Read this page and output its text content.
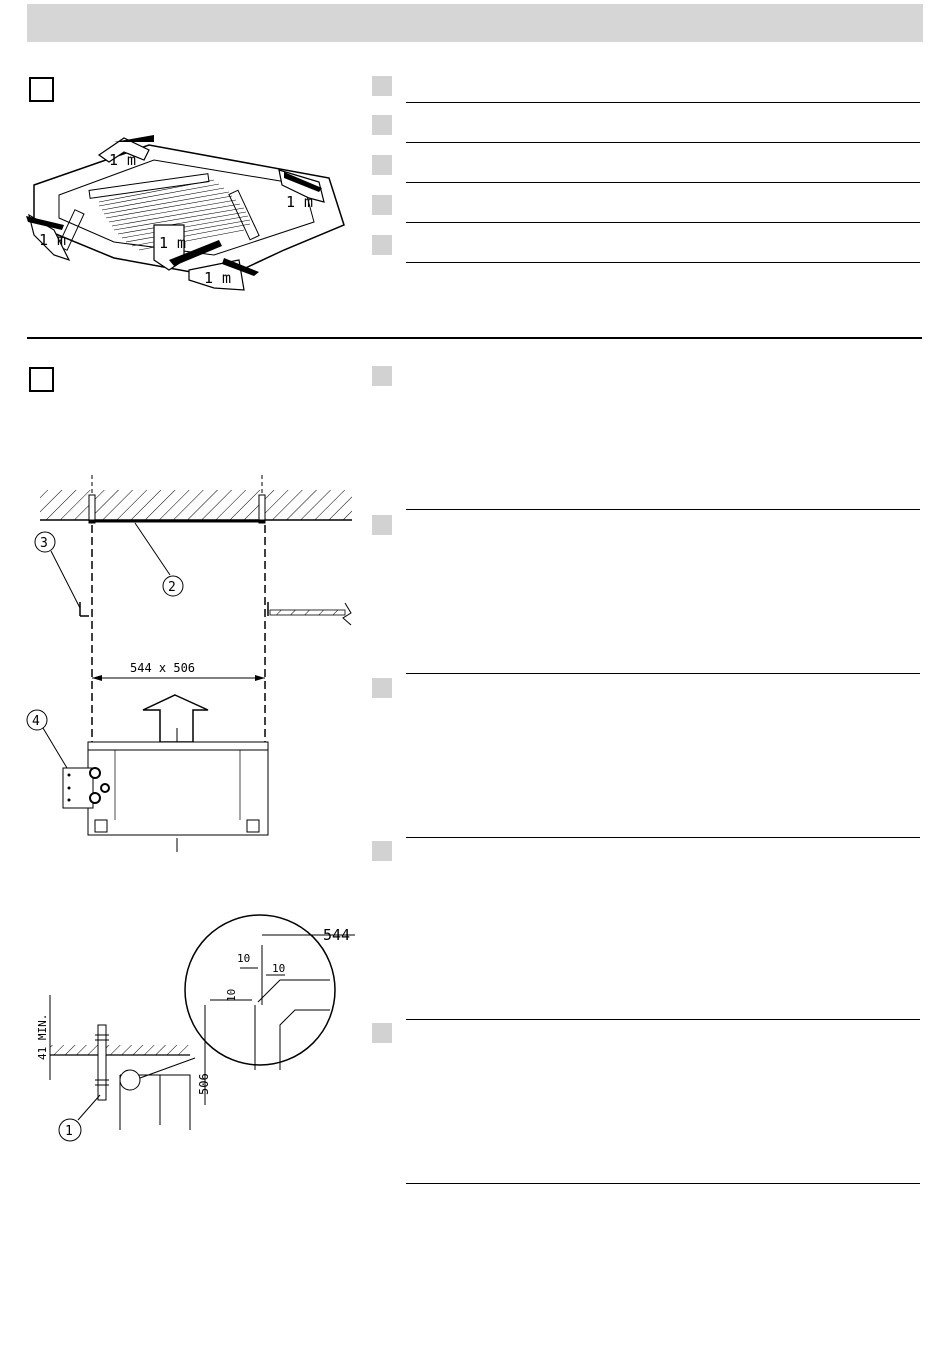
1 m
1 m
1 m
1 m
1 m
2
3
544 x 506
4
544
10
10
10
506
41 MIN.
1
